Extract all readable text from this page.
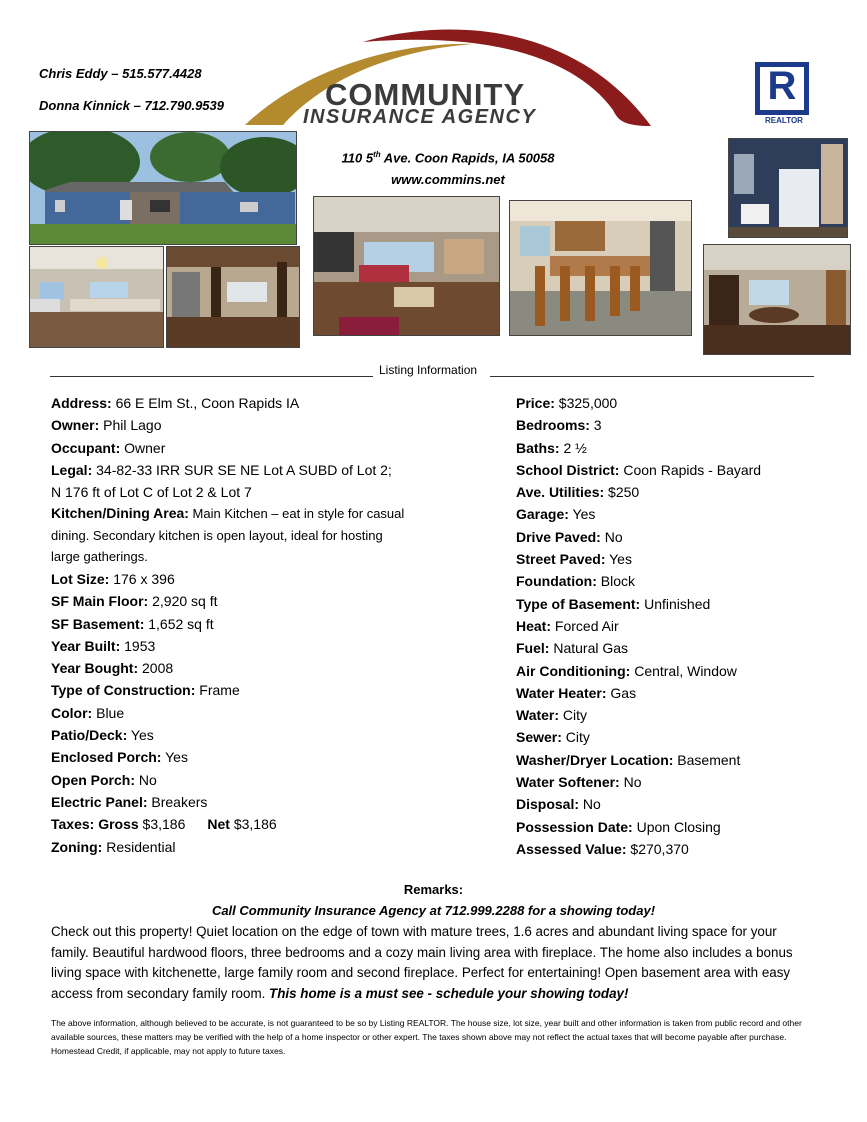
Chris Eddy – 515.577.4428
Donna Kinnick – 712.790.9539	COMMUNITY
INSURANCE AGENCY
R
REALTOR
110 5th Ave. Coon Rapids, IA 50058
www.commins.net
Listing Information
Address: 66 E Elm St., Coon Rapids IA
Owner: Phil Lago
Occupant: Owner
Legal: 34-82-33 IRR SUR SE NE Lot A SUBD of Lot 2;
N 176 ft of Lot C of Lot 2 & Lot 7
Kitchen/Dining Area: Main Kitchen – eat in style for casual dining. Secondary kitchen is open layout, ideal for hosting large gatherings.
Lot Size: 176 x 396
SF Main Floor: 2,920 sq ft
SF Basement: 1,652 sq ft
Year Built: 1953
Year Bought: 2008
Type of Construction: Frame
Color: Blue
Patio/Deck: Yes
Enclosed Porch: Yes
Open Porch: No
Electric Panel: Breakers
Taxes: Gross $3,186 Net $3,186
Zoning: Residential
Price: $325,000
Bedrooms: 3
Baths: 2 ½
School District: Coon Rapids - Bayard
Ave. Utilities: $250
Garage: Yes
Drive Paved: No
Street Paved: Yes
Foundation: Block
Type of Basement: Unfinished
Heat: Forced Air
Fuel: Natural Gas
Air Conditioning: Central, Window
Water Heater: Gas
Water: City
Sewer: City
Washer/Dryer Location: Basement
Water Softener: No
Disposal: No
Possession Date: Upon Closing
Assessed Value: $270,370
Remarks:
Call Community Insurance Agency at 712.999.2288 for a showing today!
Check out this property! Quiet location on the edge of town with mature trees, 1.6 acres and abundant living space for your family. Beautiful hardwood floors, three bedrooms and a cozy main living area with fireplace. The home also includes a bonus living space with kitchenette, large family room and second fireplace. Perfect for entertaining! Open basement area with easy access from secondary family room. This home is a must see - schedule your showing today!
The above information, although believed to be accurate, is not guaranteed to be so by Listing REALTOR. The house size, lot size, year built and other information is taken from public record and other available sources, these matters may be verified with the help of a home inspector or other expert. The taxes shown above may not reflect the actual taxes that will become payable after purchase. Homestead Credit, if applicable, may not apply to future taxes.
